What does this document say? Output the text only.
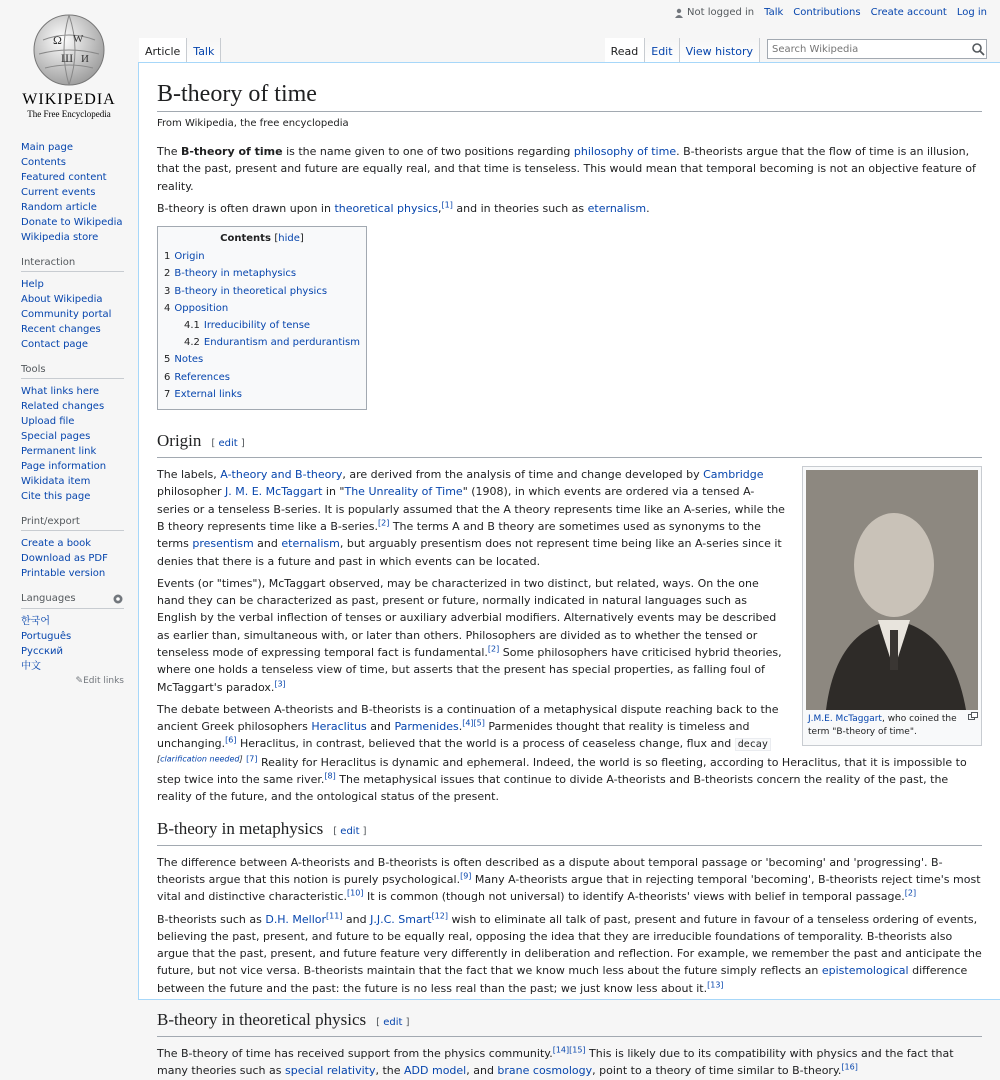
Ω W
Ш И
WIKIPEDIA
The Free Encyclopedia
Not logged in Talk Contributions Create account Log in
Article	Talk	Read	Edit	View history
Search Wikipedia
Main page
Contents
Featured content
Current events
Random article
Donate to Wikipedia
Wikipedia store
Interaction
Help
About Wikipedia
Community portal
Recent changes
Contact page
Tools
What links here
Related changes
Upload file
Special pages
Permanent link
Page information
Wikidata item
Cite this page
Print/export
Create a book
Download as PDF
Printable version
Languages
한국어
Português
Русский
中文
✎Edit links
B-theory of time
From Wikipedia, the free encyclopedia

The B-theory of time is the name given to one of two positions regarding philosophy of time. B-theorists argue that the flow of time is an illusion, that the past, present and future are equally real, and that time is tenseless. This would mean that temporal becoming is not an objective feature of reality.

B-theory is often drawn upon in theoretical physics,[1] and in theories such as eternalism.

Contents [hide]
1 Origin
2 B-theory in metaphysics
3 B-theory in theoretical physics
4 Opposition
4.1 Irreducibility of tense
4.2 Endurantism and perdurantism
5 Notes
6 References
7 External links
Origin [ edit ]
J.M.E. McTaggart, who coined the term "B-theory of time".

The labels, A-theory and B-theory, are derived from the analysis of time and change developed by Cambridge philosopher J. M. E. McTaggart in "The Unreality of Time" (1908), in which events are ordered via a tensed A-series or a tenseless B-series. It is popularly assumed that the A theory represents time like an A-series, while the B theory represents time like a B-series.[2] The terms A and B theory are sometimes used as synonyms to the terms presentism and eternalism, but arguably presentism does not represent time being like an A-series since it denies that there is a future and past in which events can be located.

Events (or "times"), McTaggart observed, may be characterized in two distinct, but related, ways. On the one hand they can be characterized as past, present or future, normally indicated in natural languages such as English by the verbal inflection of tenses or auxiliary adverbial modifiers. Alternatively events may be described as earlier than, simultaneous with, or later than others. Philosophers are divided as to whether the tensed or tenseless mode of expressing temporal fact is fundamental.[2] Some philosophers have criticised hybrid theories, where one holds a tenseless view of time, but asserts that the present has special properties, as falling foul of McTaggart's paradox.[3]

The debate between A-theorists and B-theorists is a continuation of a metaphysical dispute reaching back to the ancient Greek philosophers Heraclitus and Parmenides.[4][5] Parmenides thought that reality is timeless and unchanging.[6] Heraclitus, in contrast, believed that the world is a process of ceaseless change, flux and decay [clarification needed] [7] Reality for Heraclitus is dynamic and ephemeral. Indeed, the world is so fleeting, according to Heraclitus, that it is impossible to step twice into the same river.[8] The metaphysical issues that continue to divide A-theorists and B-theorists concern the reality of the past, the reality of the future, and the ontological status of the present.

B-theory in metaphysics [ edit ]

The difference between A-theorists and B-theorists is often described as a dispute about temporal passage or 'becoming' and 'progressing'. B-theorists argue that this notion is purely psychological.[9] Many A-theorists argue that in rejecting temporal 'becoming', B-theorists reject time's most vital and distinctive characteristic.[10] It is common (though not universal) to identify A-theorists' views with belief in temporal passage.[2]

B-theorists such as D.H. Mellor[11] and J.J.C. Smart[12] wish to eliminate all talk of past, present and future in favour of a tenseless ordering of events, believing the past, present, and future to be equally real, opposing the idea that they are irreducible foundations of temporality. B-theorists also argue that the past, present, and future feature very differently in deliberation and reflection. For example, we remember the past and anticipate the future, but not vice versa. B-theorists maintain that the fact that we know much less about the future simply reflects an epistemological difference between the future and the past: the future is no less real than the past; we just know less about it.[13]

B-theory in theoretical physics [ edit ]

The B-theory of time has received support from the physics community.[14][15] This is likely due to its compatibility with physics and the fact that many theories such as special relativity, the ADD model, and brane cosmology, point to a theory of time similar to B-theory.[16]
